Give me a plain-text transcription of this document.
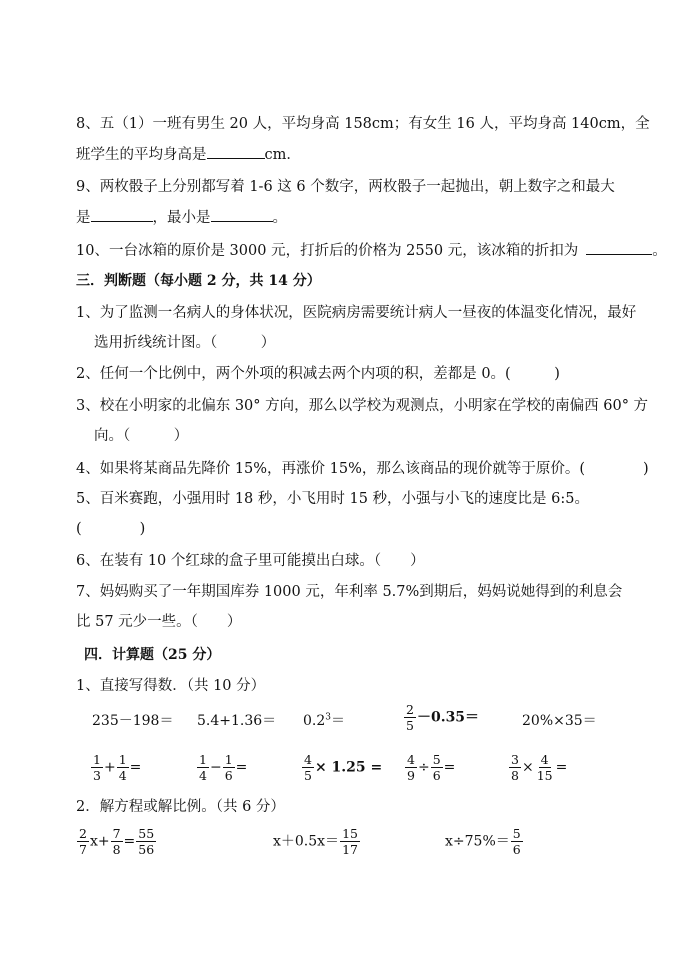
8、五（1）一班有男生 20 人，平均身高 158cm；有女生 16 人，平均身高 140cm，全
班学生的平均身高是	cm．
9、两枚骰子上分别都写着 1-6 这 6 个数字，两枚骰子一起抛出，朝上数字之和最大
是	，最小是	。
10、一台冰箱的原价是 3000 元，打折后的价格为 2550 元，该冰箱的折扣为	。
三．判断题（每小题 2 分，共 14 分）
1、为了监测一名病人的身体状况，医院病房需要统计病人一昼夜的体温变化情况，最好
选用折线统计图。（　　　）
2、任何一个比例中，两个外项的积减去两个内项的积，差都是 0。(　　　)
3、校在小明家的北偏东 30° 方向，那么以学校为观测点，小明家在学校的南偏西 60° 方
向。（　　　）
4、如果将某商品先降价 15%，再涨价 15%，那么该商品的现价就等于原价。(　　　　)
5、百米赛跑，小强用时 18 秒，小飞用时 15 秒，小强与小飞的速度比是 6:5。
(　　　　)
6、在装有 10 个红球的盒子里可能摸出白球。（　　）
7、妈妈购买了一年期国库券 1000 元，年利率 5.7%到期后，妈妈说她得到的利息会
比 57 元少一些。（　　）
四．计算题（25 分）
1、直接写得数．（共 10 分）
$235-198= 5.4+1.36= 0.2^3=$	$\frac{2}{5} -0.35=$	20%×35＝
$\frac{1}{3} + \frac{1}{4}$ =	$\frac{1}{4} - \frac{1}{6}$ =	$\frac{4}{5} \times 1.25 = \frac{4}{9} \div \frac{5}{6}$ =	$\frac{3}{8} \times \frac{4}{15}$ =
2．解方程或解比例。（共 6 分）
$\frac{2}{7} x+ \frac{7}{8} = \frac{55}{56}$	$x+0.5x= \frac{15}{17}$	$x\div 75\%= \frac{5}{6}$
